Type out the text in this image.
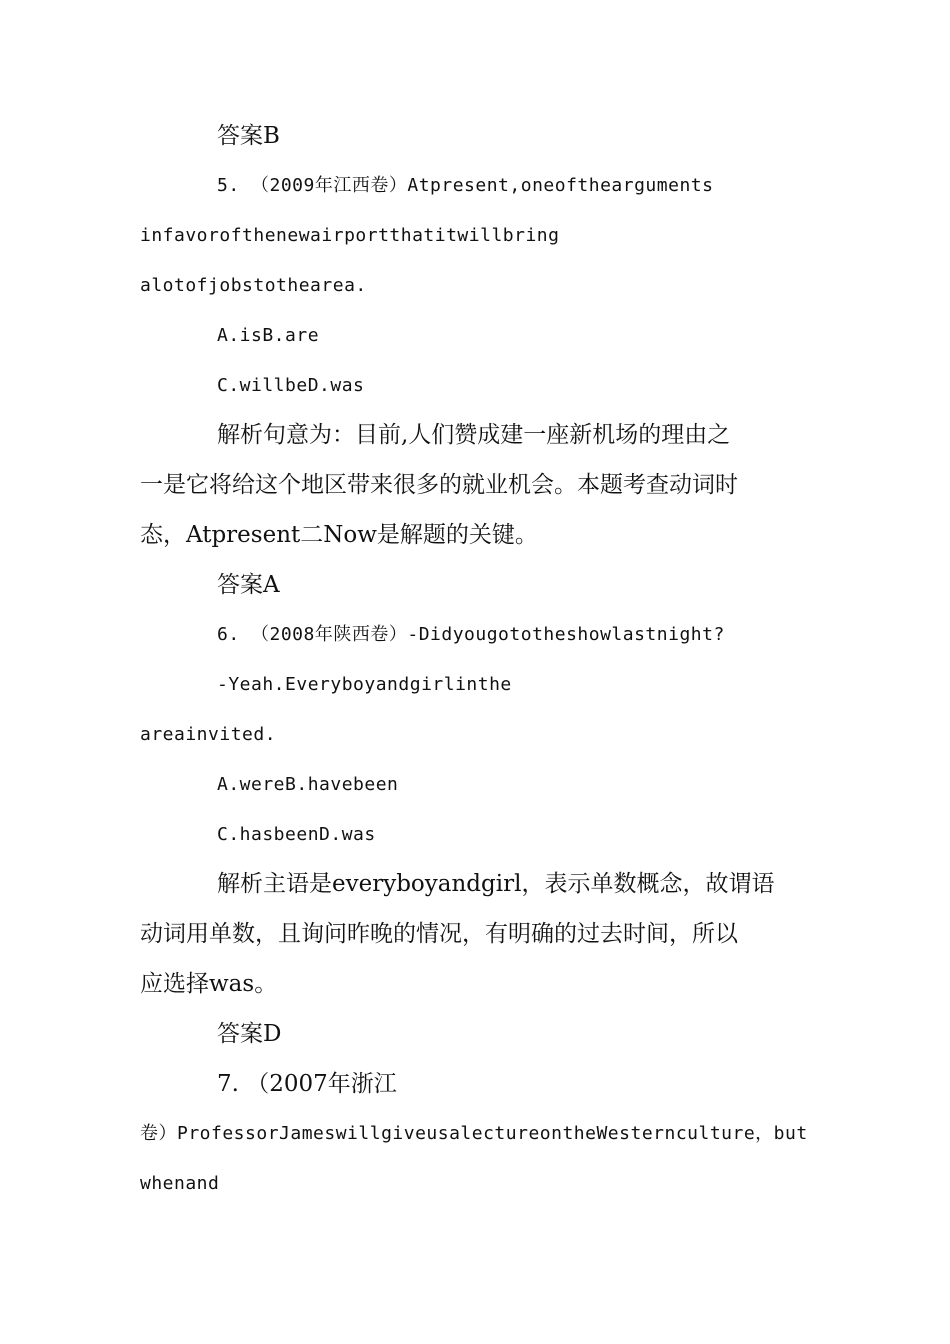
答案B
5. （2009年江西卷）Atpresent,oneofthearguments
infavorofthenewairportthatitwillbring
alotofjobstothearea.
A.isB.are
C.willbeD.was
解析句意为：目前,人们赞成建一座新机场的理由之
一是它将给这个地区带来很多的就业机会。本题考查动词时
态，Atpresent二Now是解题的关键。
答案A
6. （2008年陕西卷）-Didyougototheshowlastnight?
-Yeah.Everyboyandgirlinthe
areainvited.
A.wereB.havebeen
C.hasbeenD.was
解析主语是everyboyandgirl，表示单数概念，故谓语
动词用单数，且询问昨晚的情况，有明确的过去时间，所以
应选择was。
答案D
7. （2007年浙江
卷）ProfessorJameswillgiveusalectureontheWesternculture，but
whenand
